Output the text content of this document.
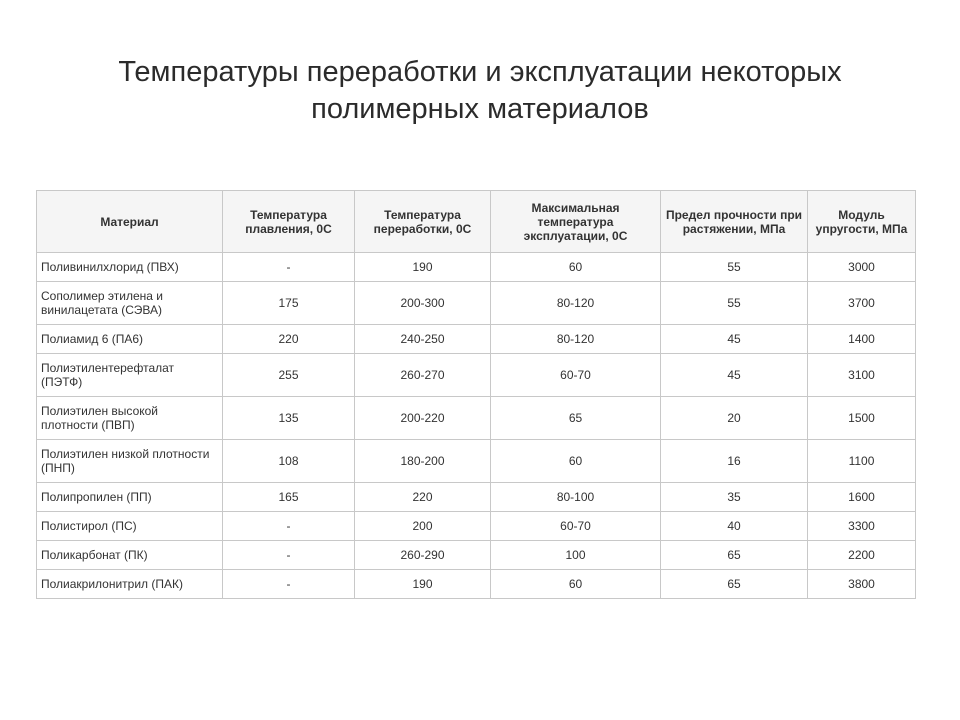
Температуры переработки и эксплуатации некоторых
полимерных материалов
Материал	Температура плавления, 0С	Температура переработки, 0С	Максимальная температура эксплуатации, 0С	Предел прочности при растяжении, МПа	Модуль упругости, МПа
Поливинилхлорид (ПВХ)	-	190	60	55	3000
Сополимер этилена и винилацетата (СЭВА)	175	200-300	80-120	55	3700
Полиамид 6 (ПА6)	220	240-250	80-120	45	1400
Полиэтилентерефталат (ПЭТФ)	255	260-270	60-70	45	3100
Полиэтилен высокой плотности (ПВП)	135	200-220	65	20	1500
Полиэтилен низкой плотности (ПНП)	108	180-200	60	16	1100
Полипропилен (ПП)	165	220	80-100	35	1600
Полистирол (ПС)	-	200	60-70	40	3300
Поликарбонат (ПК)	-	260-290	100	65	2200
Полиакрилонитрил (ПАК)	-	190	60	65	3800
